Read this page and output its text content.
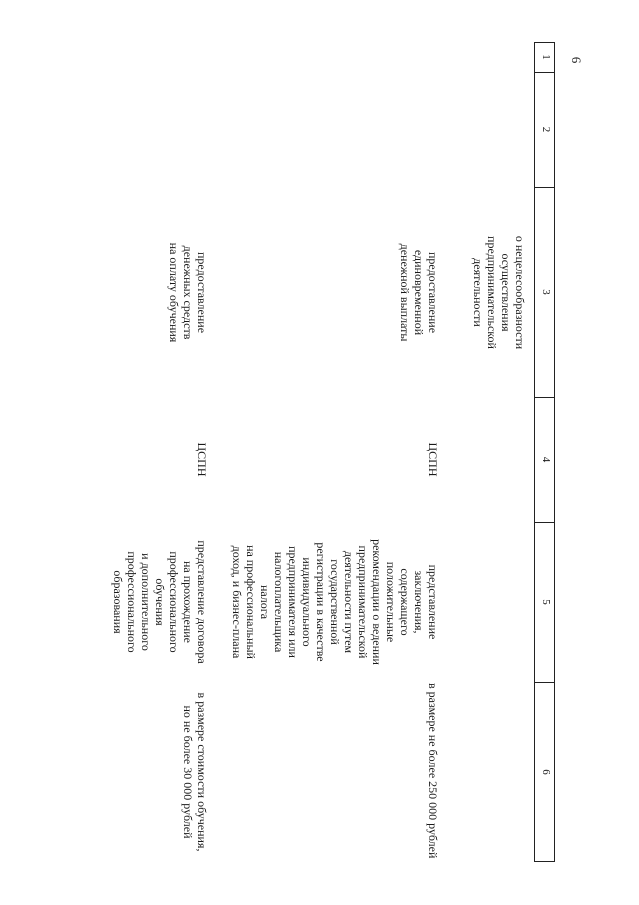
6
1
2
3
4
5
6
о нецелесообразности
осуществления
предпринимательской
деятельности
предоставление
единовременной
денежной выплаты
ЦСПН
представление
заключения,
содержащего
положительные
рекомендации о ведении
предпринимательской
деятельности путем
государственной
регистрации в качестве
индивидуального
предпринимателя или
налогоплательщика
налога
на профессиональный
доход, и бизнес-плана
в размере не более 250 000 рублей
предоставление
денежных средств
на оплату обучения
ЦСПН
представление договора
на прохождение
профессионального
обучения
и дополнительного
профессионального
образования
в размере стоимости обучения,
но не более 30 000 рублей
